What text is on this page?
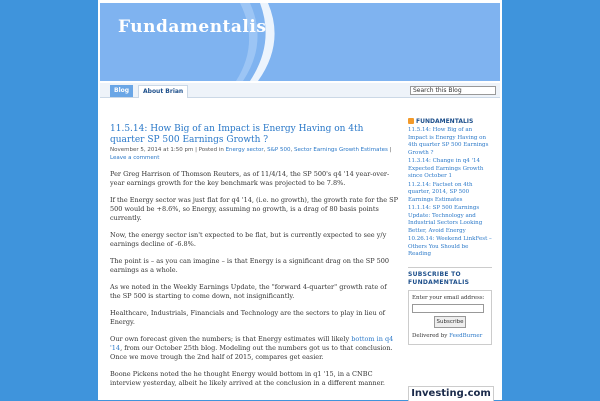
Fundamentalis
Blog	About Brian	Search this Blog
11.5.14: How Big of an Impact is Energy Having on 4th quarter SP 500 Earnings Growth ?
November 5, 2014 at 1:50 pm | Posted in Energy sector, S&P 500, Sector Earnings Growth Estimates | Leave a comment

Per Greg Harrison of Thomson Reuters, as of 11/4/14, the SP 500's q4 '14 year-over-year earnings growth for the key benchmark was projected to be 7.8%.

If the Energy sector was just flat for q4 '14, (i.e. no growth), the growth rate for the SP 500 would be +8.6%, so Energy, assuming no growth, is a drag of 80 basis points currently.

Now, the energy sector isn't expected to be flat, but is currently expected to see y/y earnings decline of -6.8%.

The point is – as you can imagine – is that Energy is a significant drag on the SP 500 earnings as a whole.

As we noted in the Weekly Earnings Update, the "forward 4-quarter" growth rate of the SP 500 is starting to come down, not insignificantly.

Healthcare, Industrials, Financials and Technology are the sectors to play in lieu of Energy.

Our own forecast given the numbers; is that Energy estimates will likely bottom in q4 '14, from our October 25th blog. Modeling out the numbers got us to that conclusion. Once we move trough the 2nd half of 2015, compares get easier.

Boone Pickens noted the he thought Energy would bottom in q1 '15, in a CNBC interview yesterday, albeit he likely arrived at the conclusion in a different manner.

FUNDAMENTALIS
11.5.14: How Big of an Impact is Energy Having on 4th quarter SP 500 Earnings Growth ?
11.3.14: Change in q4 '14 Expected Earnings Growth since October 1
11.2.14: Factset on 4th quarter, 2014, SP 500 Earnings Estimates
11.1.14: SP 500 Earnings Update: Technology and Industrial Sectors Looking Better, Avoid Energy
10.26.14: Weekend LinkFest – Others You Should be Reading
SUBSCRIBE TO FUNDAMENTALIS
Enter your email address:
Subscribe
Delivered by FeedBurner
Investing.com
